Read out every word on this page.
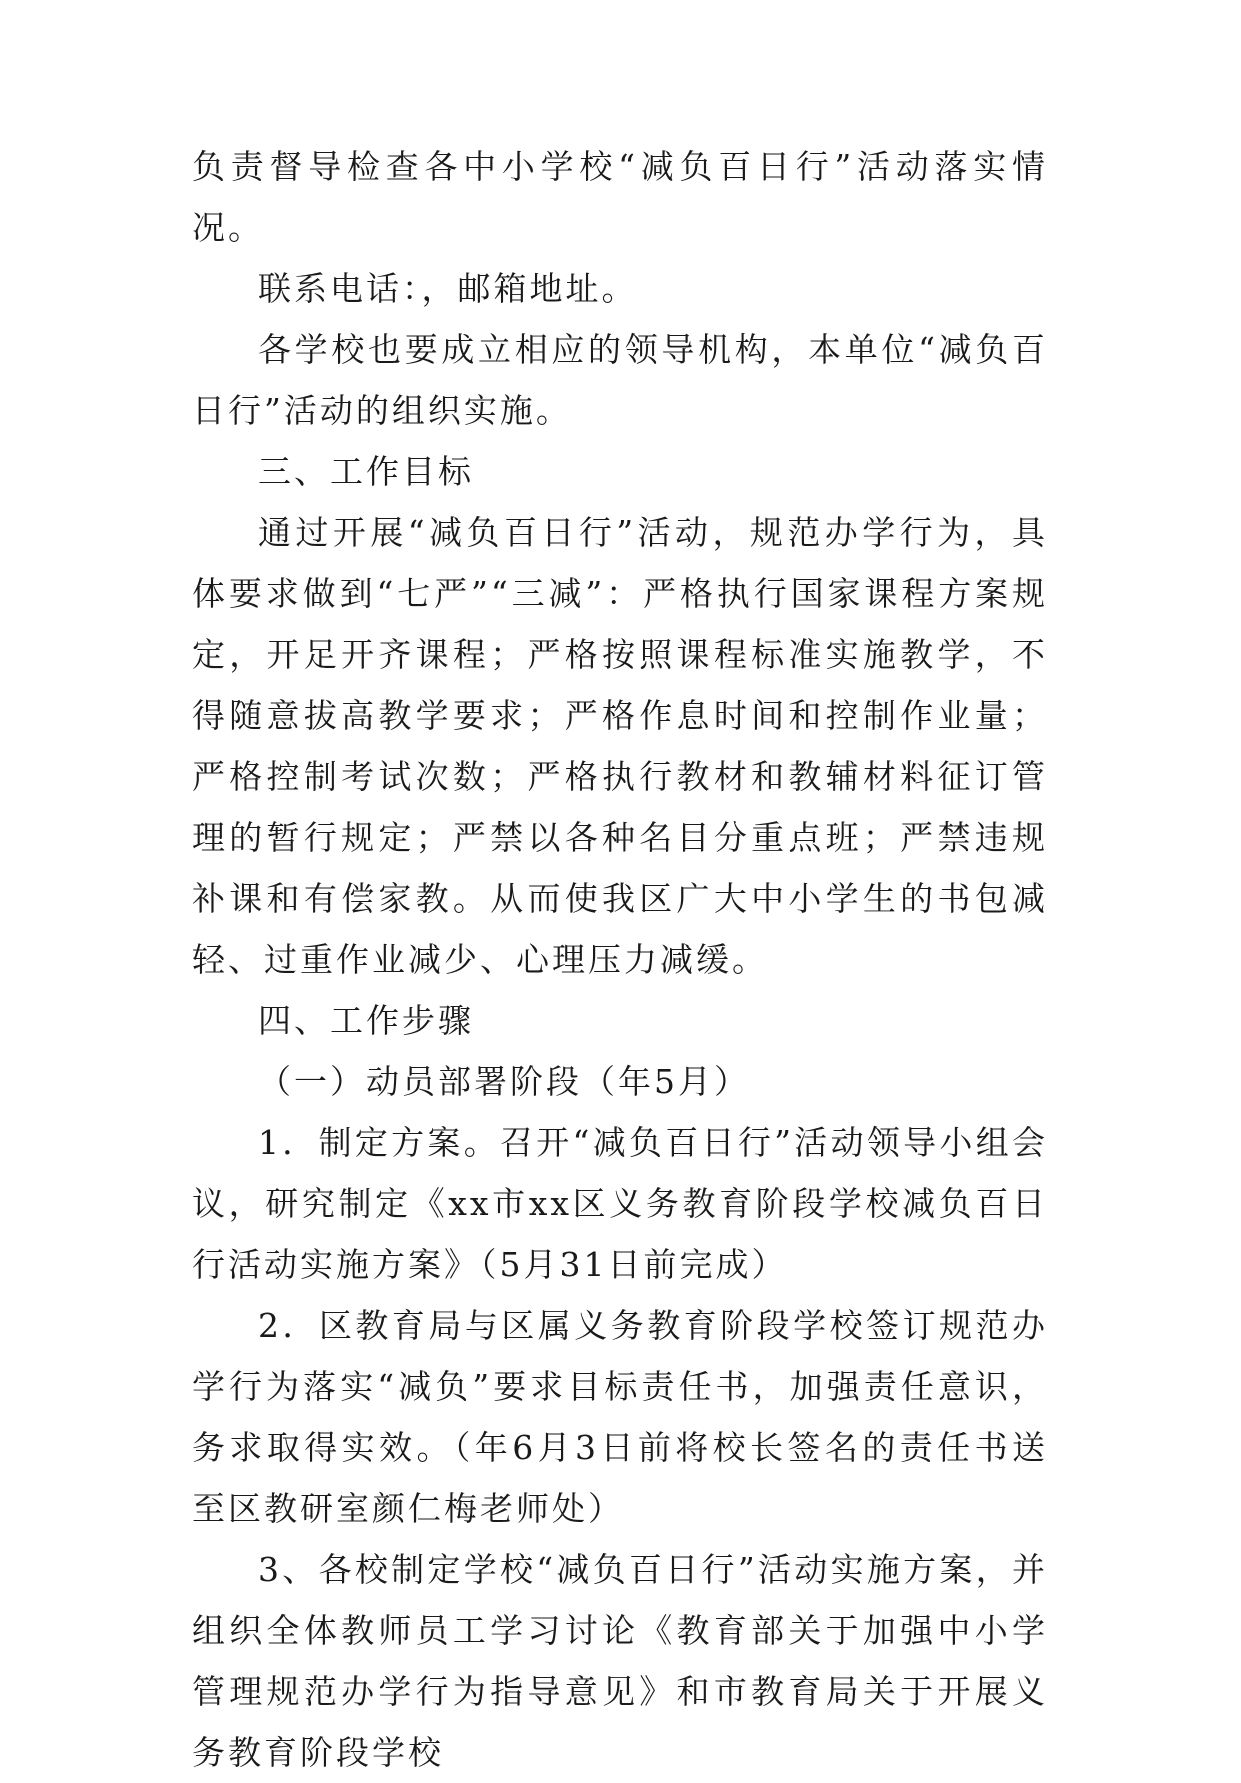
负责督导检查各中小学校“减负百日行”活动落实情况。

联系电话：，邮箱地址。

各学校也要成立相应的领导机构，本单位“减负百日行”活动的组织实施。

三、工作目标

通过开展“减负百日行”活动，规范办学行为，具体要求做到“七严”“三减”：严格执行国家课程方案规定，开足开齐课程；严格按照课程标准实施教学，不得随意拔高教学要求；严格作息时间和控制作业量；严格控制考试次数；严格执行教材和教辅材料征订管理的暂行规定；严禁以各种名目分重点班；严禁违规补课和有偿家教。从而使我区广大中小学生的书包减轻、过重作业减少、心理压力减缓。

四、工作步骤

（一）动员部署阶段（年5月）

1．制定方案。召开“减负百日行”活动领导小组会议，研究制定《xx市xx区义务教育阶段学校减负百日行活动实施方案》（5月31日前完成）

2．区教育局与区属义务教育阶段学校签订规范办学行为落实“减负”要求目标责任书，加强责任意识，务求取得实效。（年6月3日前将校长签名的责任书送至区教研室颜仁梅老师处）

3、各校制定学校“减负百日行”活动实施方案，并组织全体教师员工学习讨论《教育部关于加强中小学管理规范办学行为指导意见》和市教育局关于开展义务教育阶段学校
